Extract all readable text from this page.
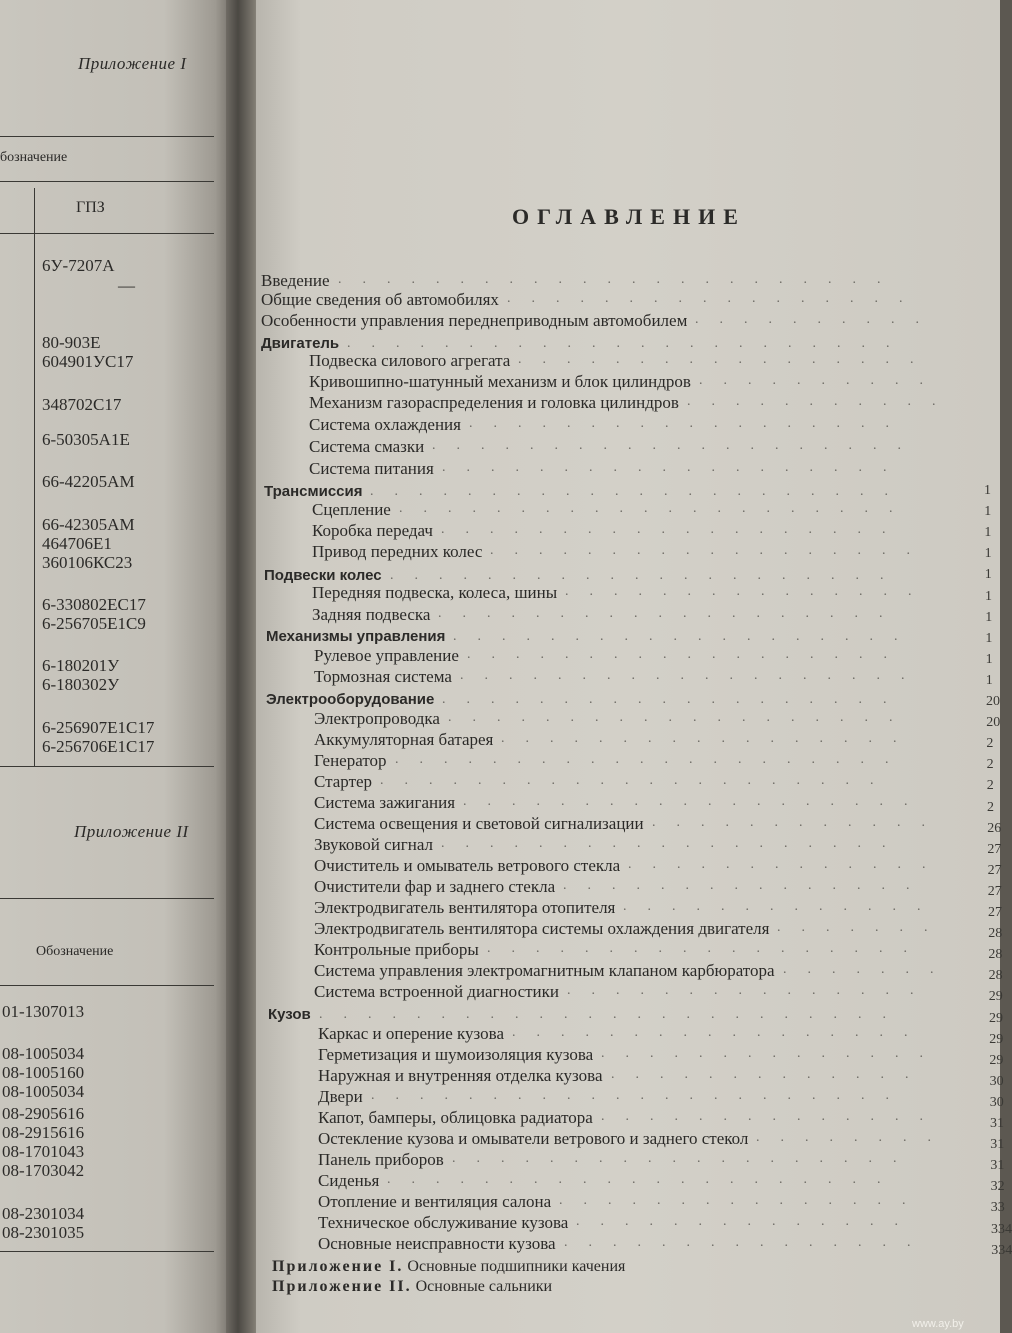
Приложение I
бозначение
ГПЗ
6У-7207А
—
80-903Е
604901УС17
348702С17
6-50305А1Е
66-42205АМ
66-42305АМ
464706Е1
360106КС23
6-330802ЕС17
6-256705Е1С9
6-180201У
6-180302У
6-256907Е1С17
6-256706Е1С17
Приложение II
Обозначение
01-1307013
08-1005034
08-1005160
08-1005034
08-2905616
08-2915616
08-1701043
08-1703042
08-2301034
08-2301035
ОГЛАВЛЕНИЕ
Введение
Общие сведения об автомобилях
Особенности управления переднеприводным автомобилем
Двигатель
Подвеска силового агрегата
Кривошипно-шатунный механизм и блок цилиндров
Механизм газораспределения и головка цилиндров
Система охлаждения
Система смазки
Система питания
Трансмиссия
Сцепление
Коробка передач
Привод передних колес
Подвески колес
Передняя подвеска, колеса, шины
Задняя подвеска
Механизмы управления
Рулевое управление
Тормозная система
Электрооборудование
Электропроводка
Аккумуляторная батарея
Генератор
Стартер
Система зажигания
Система освещения и световой сигнализации
Звуковой сигнал
Очиститель и омыватель ветрового стекла
Очистители фар и заднего стекла
Электродвигатель вентилятора отопителя
Электродвигатель вентилятора системы охлаждения двигателя
Контрольные приборы
Система управления электромагнитным клапаном карбюратора
Система встроенной диагностики
Кузов
Каркас и оперение кузова
Герметизация и шумоизоляция кузова
Наружная и внутренняя отделка кузова
Двери
Капот, бамперы, облицовка радиатора
Остекление кузова и омыватели ветрового и заднего стекол
Панель приборов
Сиденья
Отопление и вентиляция салона
Техническое обслуживание кузова
Основные неисправности кузова
.      .      .      .      .      .      .      .      .      .      .      .      .      .      .      .      .      .      .      .      .      .      .
.      .      .      .      .      .      .      .      .      .      .      .      .      .      .      .      .
.      .      .      .      .      .      .      .      .      .
.      .      .      .      .      .      .      .      .      .      .      .      .      .      .      .      .      .      .      .      .      .      .
.      .      .      .      .      .      .      .      .      .      .      .      .      .      .      .      .
.      .      .      .      .      .      .      .      .      .
.      .      .      .      .      .      .      .      .      .      .
.      .      .      .      .      .      .      .      .      .      .      .      .      .      .      .      .      .
.      .      .      .      .      .      .      .      .      .      .      .      .      .      .      .      .      .      .      .
.      .      .      .      .      .      .      .      .      .      .      .      .      .      .      .      .      .      .
.      .      .      .      .      .      .      .      .      .      .      .      .      .      .      .      .      .      .      .      .      .
.      .      .      .      .      .      .      .      .      .      .      .      .      .      .      .      .      .      .      .      .
.      .      .      .      .      .      .      .      .      .      .      .      .      .      .      .      .      .      .
.      .      .      .      .      .      .      .      .      .      .      .      .      .      .      .      .      .
.      .      .      .      .      .      .      .      .      .      .      .      .      .      .      .      .      .      .      .      .
.      .      .      .      .      .      .      .      .      .      .      .      .      .      .
.      .      .      .      .      .      .      .      .      .      .      .      .      .      .      .      .      .      .
.      .      .      .      .      .      .      .      .      .      .      .      .      .      .      .      .      .      .
.      .      .      .      .      .      .      .      .      .      .      .      .      .      .      .      .      .
.      .      .      .      .      .      .      .      .      .      .      .      .      .      .      .      .      .      .
.      .      .      .      .      .      .      .      .      .      .      .      .      .      .      .      .      .      .
.      .      .      .      .      .      .      .      .      .      .      .      .      .      .      .      .      .      .
.      .      .      .      .      .      .      .      .      .      .      .      .      .      .      .      .
.      .      .      .      .      .      .      .      .      .      .      .      .      .      .      .      .      .      .      .      .
.      .      .      .      .      .      .      .      .      .      .      .      .      .      .      .      .      .      .      .      .
.      .      .      .      .      .      .      .      .      .      .      .      .      .      .      .      .      .      .
.      .      .      .      .      .      .      .      .      .      .      .
.      .      .      .      .      .      .      .      .      .      .      .      .      .      .      .      .      .      .
.      .      .      .      .      .      .      .      .      .      .      .      .
.      .      .      .      .      .      .      .      .      .      .      .      .      .      .
.      .      .      .      .      .      .      .      .      .      .      .      .
.      .      .      .      .      .      .
.      .      .      .      .      .      .      .      .      .      .      .      .      .      .      .      .      .
.      .      .      .      .      .      .
.      .      .      .      .      .      .      .      .      .      .      .      .      .      .
.      .      .      .      .      .      .      .      .      .      .      .      .      .      .      .      .      .      .      .      .      .      .      .
.      .      .      .      .      .      .      .      .      .      .      .      .      .      .      .      .
.      .      .      .      .      .      .      .      .      .      .      .      .      .
.      .      .      .      .      .      .      .      .      .      .      .      .
.      .      .      .      .      .      .      .      .      .      .      .      .      .      .      .      .      .      .      .      .      .
.      .      .      .      .      .      .      .      .      .      .      .      .      .
.      .      .      .      .      .      .      .
.      .      .      .      .      .      .      .      .      .      .      .      .      .      .      .      .      .      .
.      .      .      .      .      .      .      .      .      .      .      .      .      .      .      .      .      .      .      .      .
.      .      .      .      .      .      .      .      .      .      .      .      .      .      .
.      .      .      .      .      .      .      .      .      .      .      .      .      .
.      .      .      .      .      .      .      .      .      .      .      .      .      .      .
Приложение I. Основные подшипники качения
Приложение II. Основные сальники
1
1
1
1
1
1
1
1
1
1
20
20
2
2
2
2
26
27
27
27
27
28
28
28
29
29
29
29
30
30
31
31
31
32
33
334
334
www.ay.by
